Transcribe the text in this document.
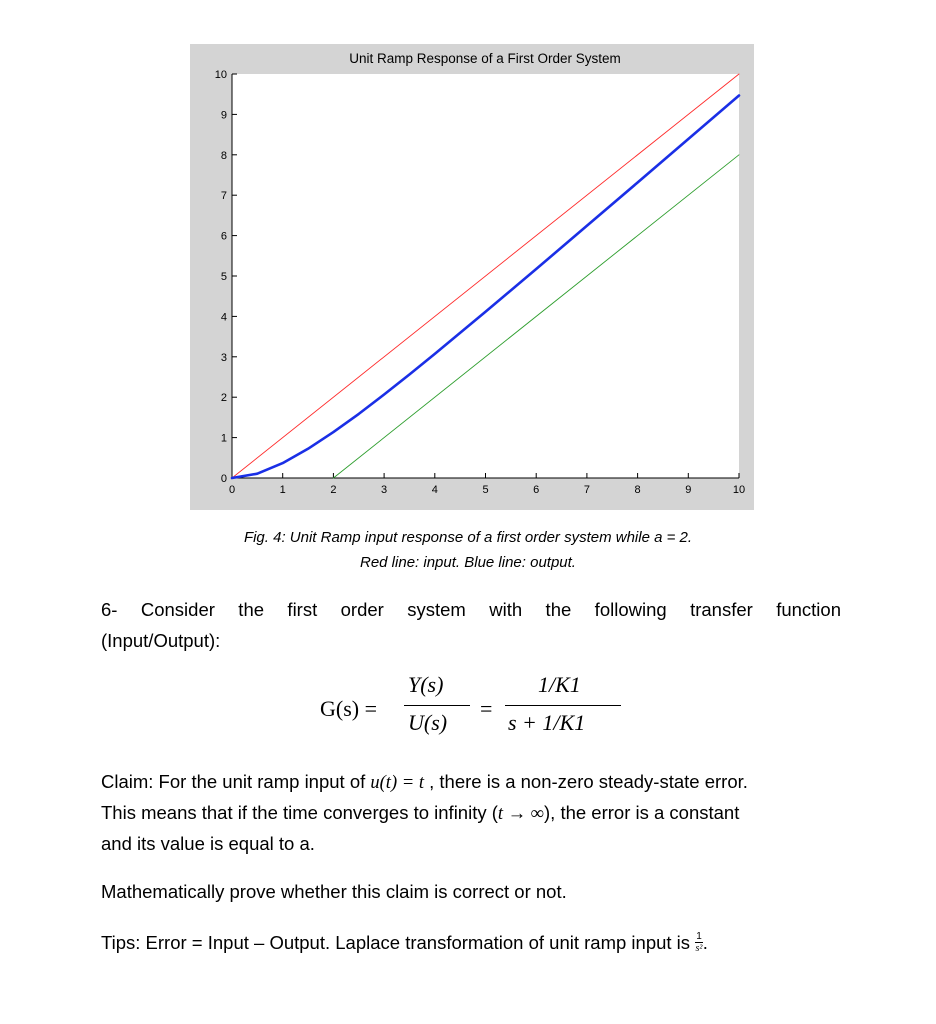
Unit Ramp Response of a First Order System
0
1
2
3
4
5
6
7
8
9
10
0	1	2	3	4	5	6	7	8	9	10
Fig. 4: Unit Ramp input response of a first order system while a = 2.
Red line: input. Blue line: output.
6- Consider the first order system with the following transfer function
(Input/Output):
G(s) =
Y(s)
U(s)
=
1/K1
s + 1/K1
Claim: For the unit ramp input of u(t) = t , there is a non-zero steady-state error.
This means that if the time converges to infinity (t → ∞), the error is a constant
and its value is equal to a.
Mathematically prove whether this claim is correct or not.
Tips: Error = Input – Output. Laplace transformation of unit ramp input is $\frac{1}{\text{s²}}$ .
